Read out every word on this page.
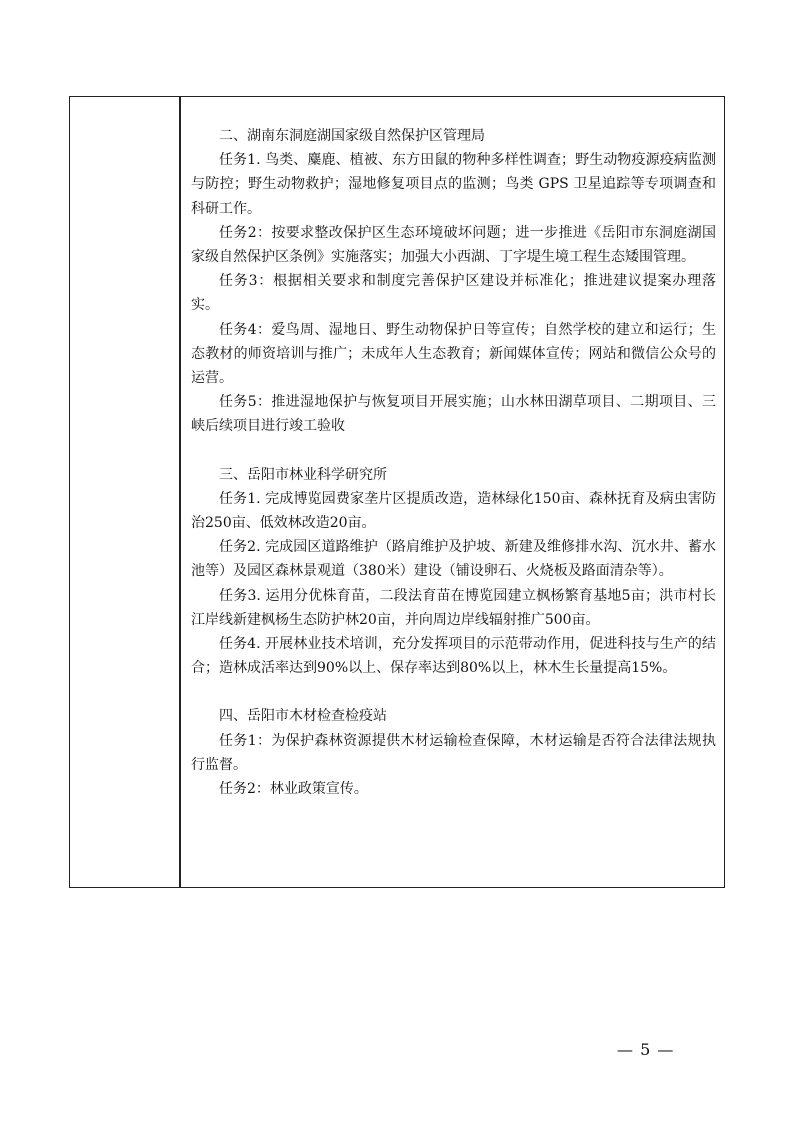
二、湖南东洞庭湖国家级自然保护区管理局

任务1. 鸟类、麋鹿、植被、东方田鼠的物种多样性调查；野生动物疫源疫病监测与防控；野生动物救护；湿地修复项目点的监测；鸟类 GPS 卫星追踪等专项调查和科研工作。

任务2：按要求整改保护区生态环境破坏问题；进一步推进《岳阳市东洞庭湖国家级自然保护区条例》实施落实；加强大小西湖、丁字堤生境工程生态矮围管理。

任务3：根据相关要求和制度完善保护区建设并标准化；推进建议提案办理落实。

任务4：爱鸟周、湿地日、野生动物保护日等宣传；自然学校的建立和运行；生态教材的师资培训与推广；未成年人生态教育；新闻媒体宣传；网站和微信公众号的运营。

任务5：推进湿地保护与恢复项目开展实施；山水林田湖草项目、二期项目、三峡后续项目进行竣工验收

三、岳阳市林业科学研究所

任务1. 完成博览园费家垄片区提质改造，造林绿化150亩、森林抚育及病虫害防治250亩、低效林改造20亩。

任务2. 完成园区道路维护（路肩维护及护坡、新建及维修排水沟、沉水井、蓄水池等）及园区森林景观道（380米）建设（铺设卵石、火烧板及路面清杂等）。

任务3. 运用分优株育苗，二段法育苗在博览园建立枫杨繁育基地5亩；洪市村长江岸线新建枫杨生态防护林20亩，并向周边岸线辐射推广500亩。

任务4. 开展林业技术培训，充分发挥项目的示范带动作用，促进科技与生产的结合；造林成活率达到90%以上、保存率达到80%以上，林木生长量提高15%。

四、岳阳市木材检查检疫站

任务1：为保护森林资源提供木材运输检查保障，木材运输是否符合法律法规执行监督。

任务2：林业政策宣传。

— 5 —
